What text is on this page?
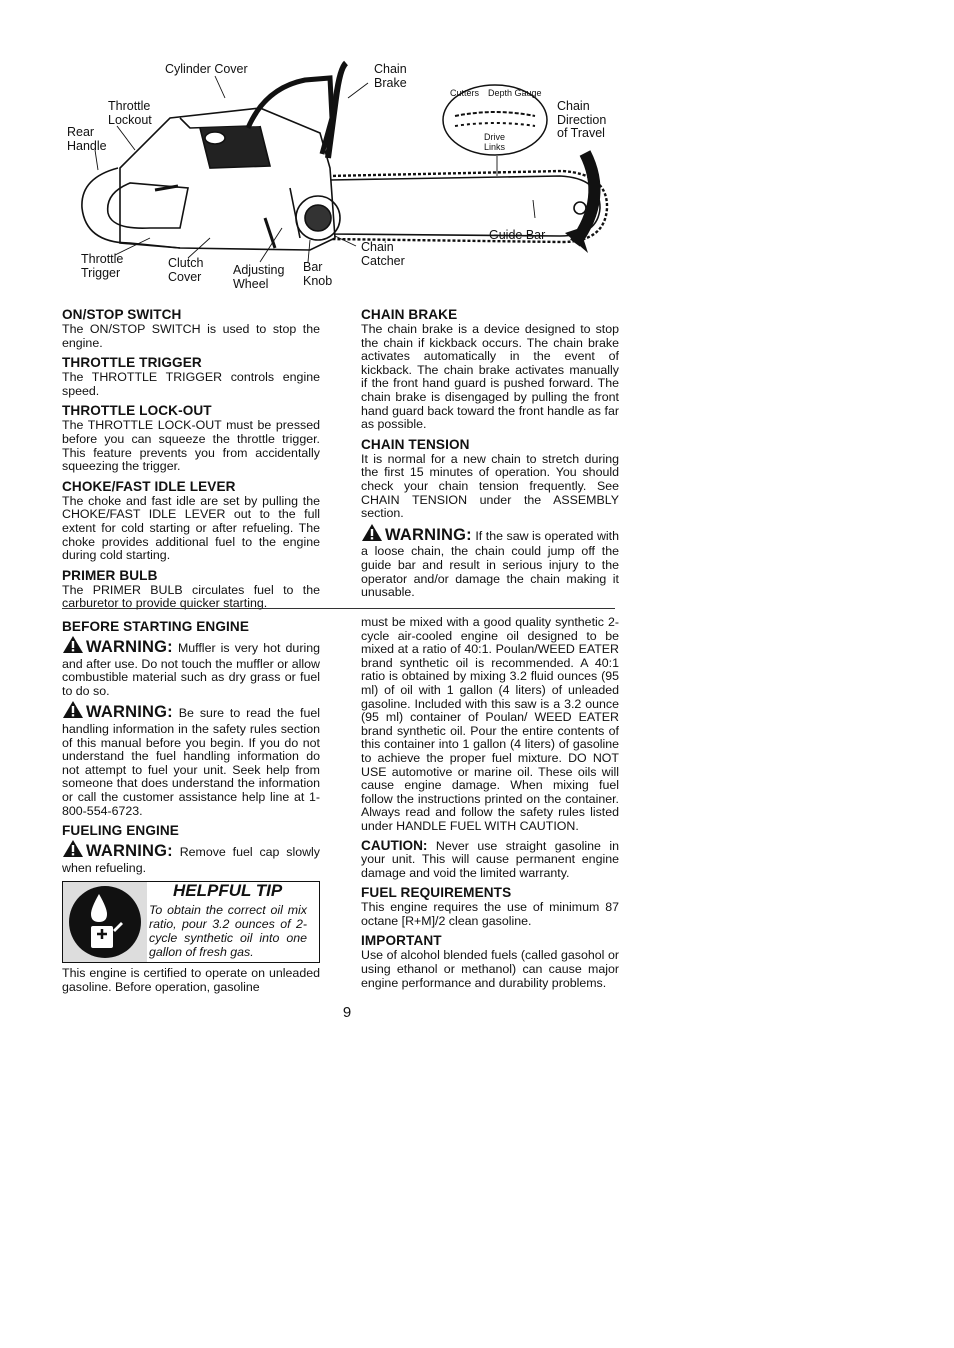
Cylinder Cover	Chain
Brake
Throttle
Lockout
Rear
Handle
Cutters Depth Gauge
Drive
Links
Chain
Direction
of Travel
Guide Bar
Chain
Catcher
Throttle
Trigger
Clutch
Cover	Adjusting
Wheel
Bar
Knob
ON/STOP SWITCH

The ON/STOP SWITCH is used to stop the engine.

THROTTLE TRIGGER

The THROTTLE TRIGGER controls engine speed.

THROTTLE LOCK-OUT

The THROTTLE LOCK-OUT must be pressed before you can squeeze the throttle trigger. This feature prevents you from accidentally squeezing the trigger.

CHOKE/FAST IDLE LEVER

The choke and fast idle are set by pulling the CHOKE/FAST IDLE LEVER out to the full extent for cold starting or after refueling. The choke provides additional fuel to the engine during cold starting.

PRIMER BULB

The PRIMER BULB circulates fuel to the carburetor to provide quicker starting.

CHAIN BRAKE

The chain brake is a device designed to stop the chain if kickback occurs. The chain brake activates automatically in the event of kickback. The chain brake activates manually if the front hand guard is pushed forward. The chain brake is disengaged by pulling the front hand guard back toward the front handle as far as possible.

CHAIN TENSION

It is normal for a new chain to stretch during the first 15 minutes of operation. You should check your chain tension frequently. See CHAIN TENSION under the ASSEMBLY section.

WARNING: If the saw is operated with a loose chain, the chain could jump off the guide bar and result in serious injury to the operator and/or damage the chain making it unusable.

BEFORE STARTING ENGINE

WARNING: Muffler is very hot during and after use. Do not touch the muffler or allow combustible material such as dry grass or fuel to do so.

WARNING: Be sure to read the fuel handling information in the safety rules section of this manual before you begin. If you do not understand the fuel handling information do not attempt to fuel your unit. Seek help from someone that does understand the information or call the customer assistance help line at 1-800-554-6723.

FUELING ENGINE

WARNING: Remove fuel cap slowly when refueling.

HELPFUL TIP
To obtain the correct oil mix ratio, pour 3.2 ounces of 2-cycle synthetic oil into one gallon of fresh gas.

This engine is certified to operate on unleaded gasoline. Before operation, gasoline

must be mixed with a good quality synthetic 2-cycle air-cooled engine oil designed to be mixed at a ratio of 40:1. Poulan/WEED EATER brand synthetic oil is recommended. A 40:1 ratio is obtained by mixing 3.2 fluid ounces (95 ml) of oil with 1 gallon (4 liters) of unleaded gasoline. Included with this saw is a 3.2 ounce (95 ml) container of Poulan/ WEED EATER brand synthetic oil. Pour the entire contents of this container into 1 gallon (4 liters) of gasoline to achieve the proper fuel mixture. DO NOT USE automotive or marine oil. These oils will cause engine damage. When mixing fuel follow the instructions printed on the container. Always read and follow the safety rules listed under HANDLE FUEL WITH CAUTION.

CAUTION: Never use straight gasoline in your unit. This will cause permanent engine damage and void the limited warranty.

FUEL REQUIREMENTS

This engine requires the use of minimum 87 octane [R+M]/2 clean gasoline.

IMPORTANT

Use of alcohol blended fuels (called gasohol or using ethanol or methanol) can cause major engine performance and durability problems.

9
